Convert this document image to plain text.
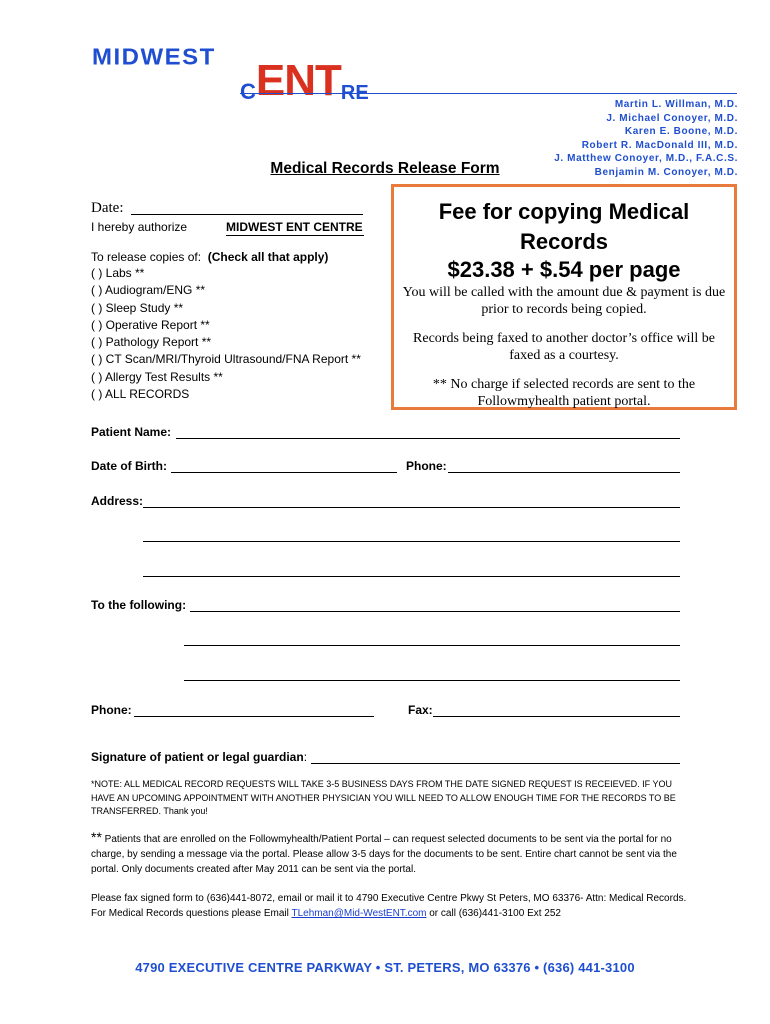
MIDWEST
CENTRE
Martin L. Willman, M.D.
J. Michael Conoyer, M.D.
Karen E. Boone, M.D.
Robert R. MacDonald III, M.D.
J. Matthew Conoyer, M.D., F.A.C.S.
Benjamin M. Conoyer, M.D.
Medical Records Release Form
Date:
I hereby authorize	MIDWEST ENT CENTRE
To release copies of: (Check all that apply)
( ) Labs **
( ) Audiogram/ENG **
( ) Sleep Study **
( ) Operative Report **
( ) Pathology Report **
( ) CT Scan/MRI/Thyroid Ultrasound/FNA Report **
( ) Allergy Test Results **
( ) ALL RECORDS
Fee for copying Medical Records
$23.38 + $.54 per page
You will be called with the amount due & payment is due prior to records being copied.
Records being faxed to another doctor’s office will be faxed as a courtesy.
** No charge if selected records are sent to the Followmyhealth patient portal.
Patient Name:
Date of Birth:	Phone:
Address:
To the following:
Phone:	Fax:
Signature of patient or legal guardian:
*NOTE: ALL MEDICAL RECORD REQUESTS WILL TAKE 3-5 BUSINESS DAYS FROM THE DATE SIGNED REQUEST IS RECEIEVED. IF YOU HAVE AN UPCOMING APPOINTMENT WITH ANOTHER PHYSICIAN YOU WILL NEED TO ALLOW ENOUGH TIME FOR THE RECORDS TO BE TRANSFERRED. Thank you!
** Patients that are enrolled on the Followmyhealth/Patient Portal – can request selected documents to be sent via the portal for no charge, by sending a message via the portal. Please allow 3-5 days for the documents to be sent. Entire chart cannot be sent via the portal. Only documents created after May 2011 can be sent via the portal.
Please fax signed form to (636)441-8072, email or mail it to 4790 Executive Centre Pkwy St Peters, MO 63376- Attn: Medical Records. For Medical Records questions please Email TLehman@Mid-WestENT.com or call (636)441-3100 Ext 252
4790 EXECUTIVE CENTRE PARKWAY • ST. PETERS, MO 63376 • (636) 441-3100
